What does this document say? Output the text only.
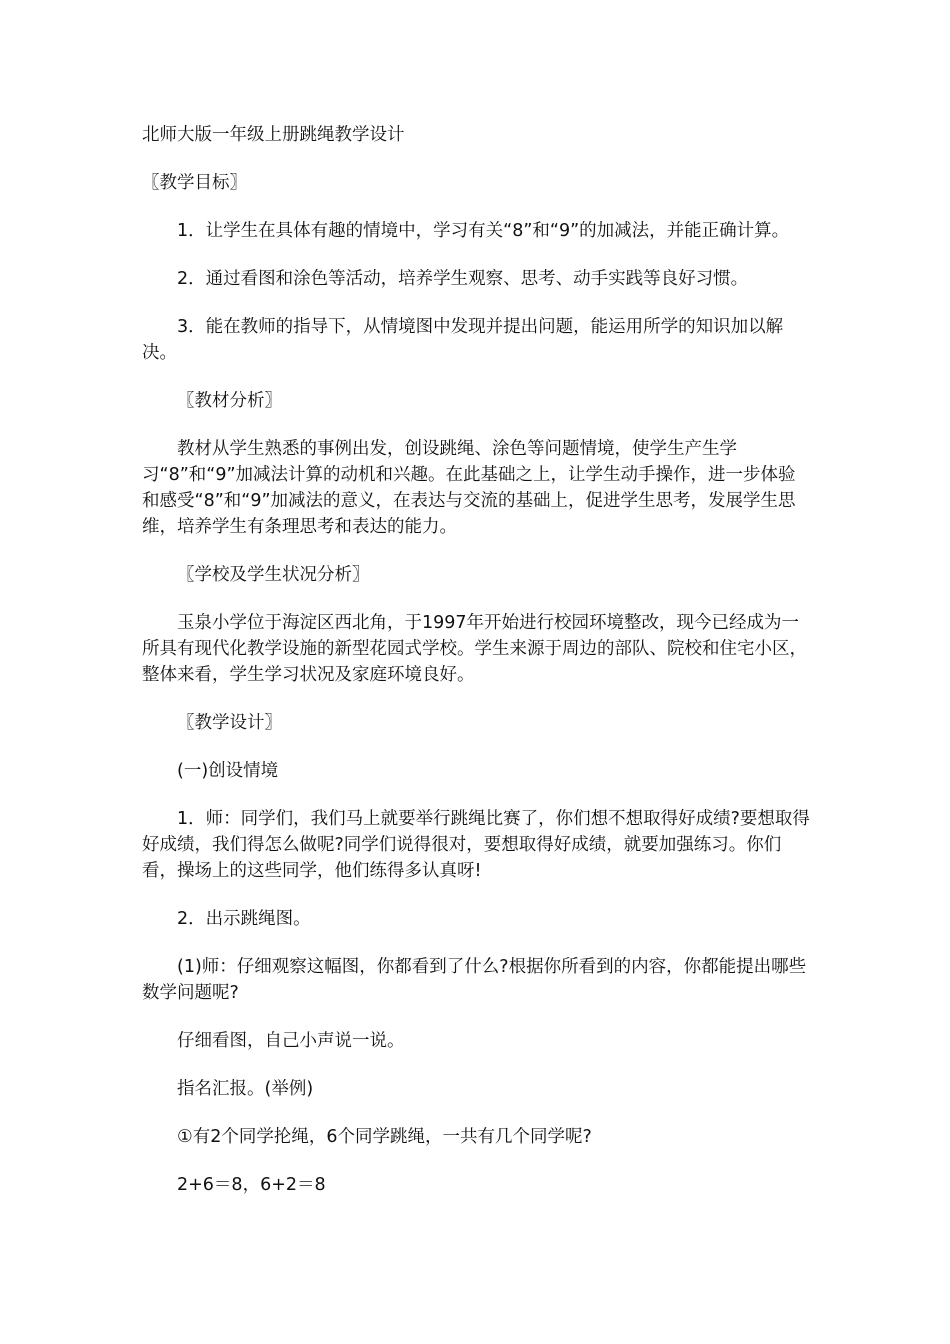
北师大版一年级上册跳绳教学设计

〖教学目标〗

1．让学生在具体有趣的情境中，学习有关“8”和“9”的加减法，并能正确计算。

2．通过看图和涂色等活动，培养学生观察、思考、动手实践等良好习惯。

3．能在教师的指导下，从情境图中发现并提出问题，能运用所学的知识加以解决。

〖教材分析〗

教材从学生熟悉的事例出发，创设跳绳、涂色等问题情境，使学生产生学习“8”和“9”加减法计算的动机和兴趣。在此基础之上，让学生动手操作，进一步体验和感受“8”和“9”加减法的意义，在表达与交流的基础上，促进学生思考，发展学生思维，培养学生有条理思考和表达的能力。

〖学校及学生状况分析〗

玉泉小学位于海淀区西北角，于1997年开始进行校园环境整改，现今已经成为一所具有现代化教学设施的新型花园式学校。学生来源于周边的部队、院校和住宅小区，整体来看，学生学习状况及家庭环境良好。

〖教学设计〗

(一)创设情境

1．师：同学们，我们马上就要举行跳绳比赛了，你们想不想取得好成绩?要想取得好成绩，我们得怎么做呢?同学们说得很对，要想取得好成绩，就要加强练习。你们看，操场上的这些同学，他们练得多认真呀!

2．出示跳绳图。

(1)师：仔细观察这幅图，你都看到了什么?根据你所看到的内容，你都能提出哪些数学问题呢?

仔细看图，自己小声说一说。

指名汇报。(举例)

①有2个同学抡绳，6个同学跳绳，一共有几个同学呢?

2+6＝8，6+2＝8
